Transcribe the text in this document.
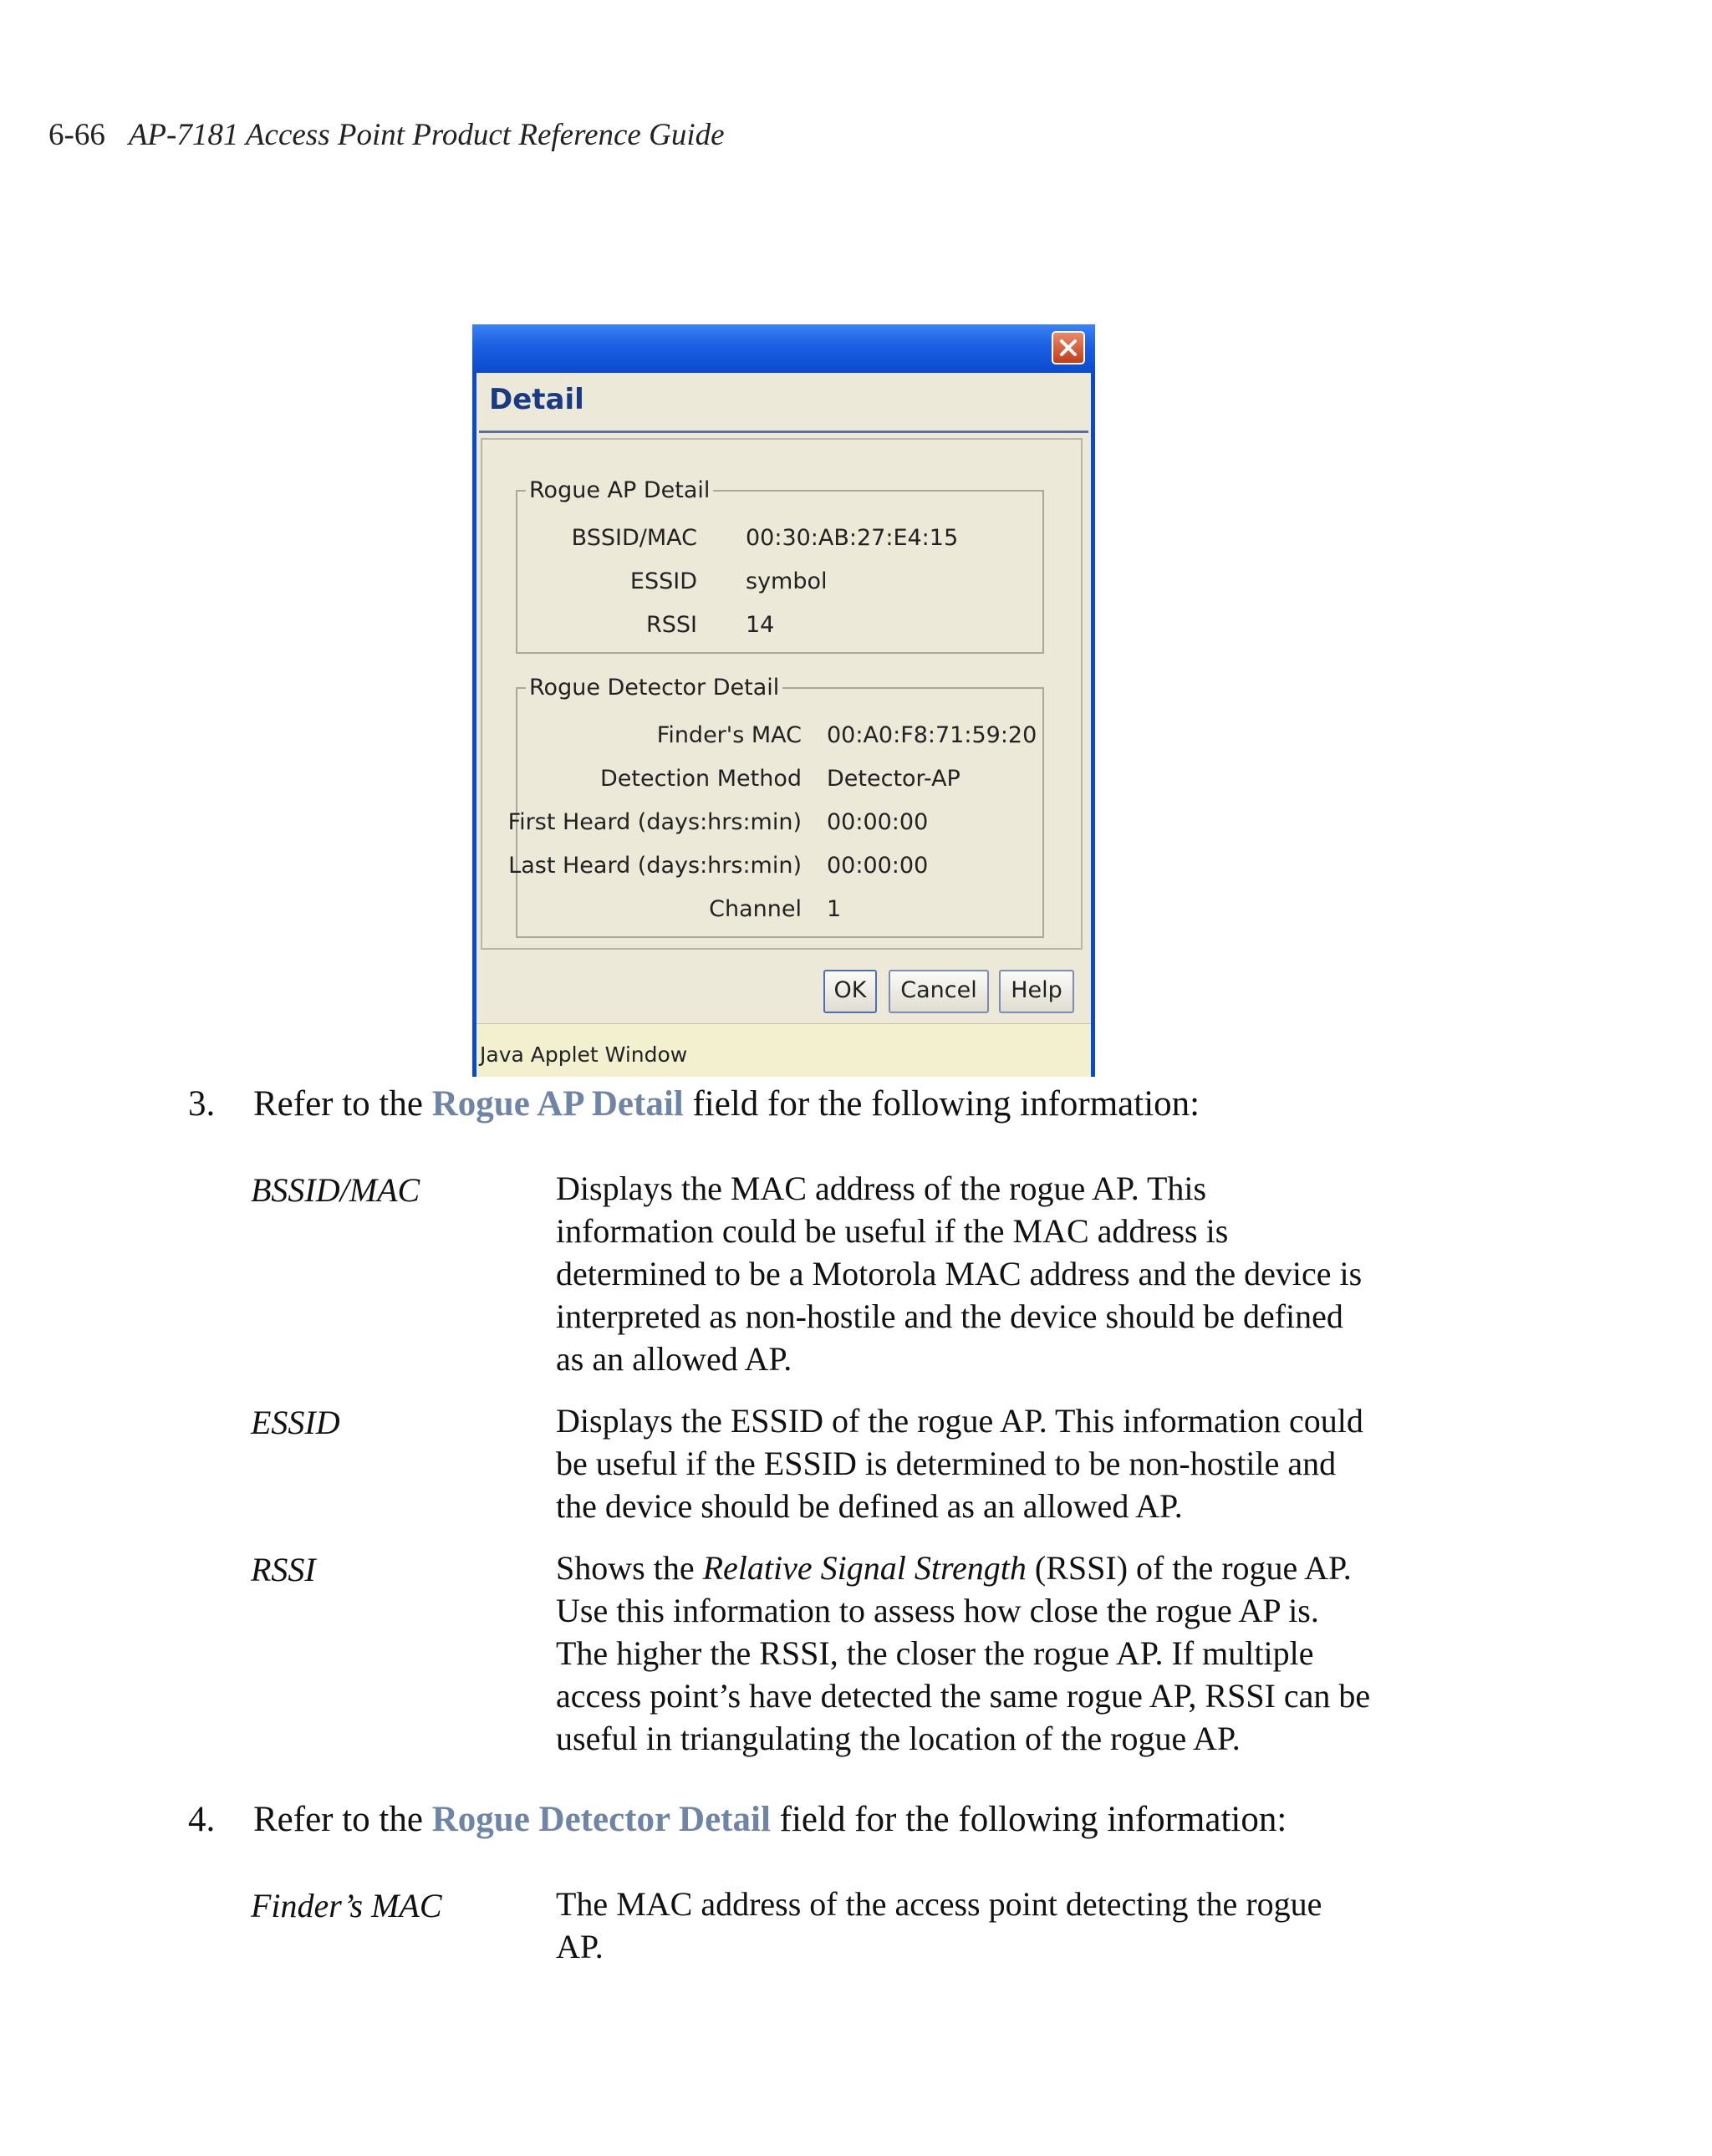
6-66 AP-7181 Access Point Product Reference Guide
Detail
Rogue AP Detail
BSSID/MAC 00:30:AB:27:E4:15
ESSID symbol
RSSI 14
Rogue Detector Detail
Finder's MAC 00:A0:F8:71:59:20
Detection Method Detector-AP
First Heard (days:hrs:min) 00:00:00
Last Heard (days:hrs:min) 00:00:00
Channel 1
OK	Cancel	Help
Java Applet Window
3. Refer to the Rogue AP Detail field for the following information:
BSSID/MAC	Displays the MAC address of the rogue AP. This
information could be useful if the MAC address is
determined to be a Motorola MAC address and the device is
interpreted as non-hostile and the device should be defined
as an allowed AP.
ESSID	Displays the ESSID of the rogue AP. This information could
be useful if the ESSID is determined to be non-hostile and
the device should be defined as an allowed AP.
RSSI	Shows the Relative Signal Strength (RSSI) of the rogue AP.
Use this information to assess how close the rogue AP is.
The higher the RSSI, the closer the rogue AP. If multiple
access point’s have detected the same rogue AP, RSSI can be
useful in triangulating the location of the rogue AP.
4. Refer to the Rogue Detector Detail field for the following information:
Finder’s MAC	The MAC address of the access point detecting the rogue
AP.
